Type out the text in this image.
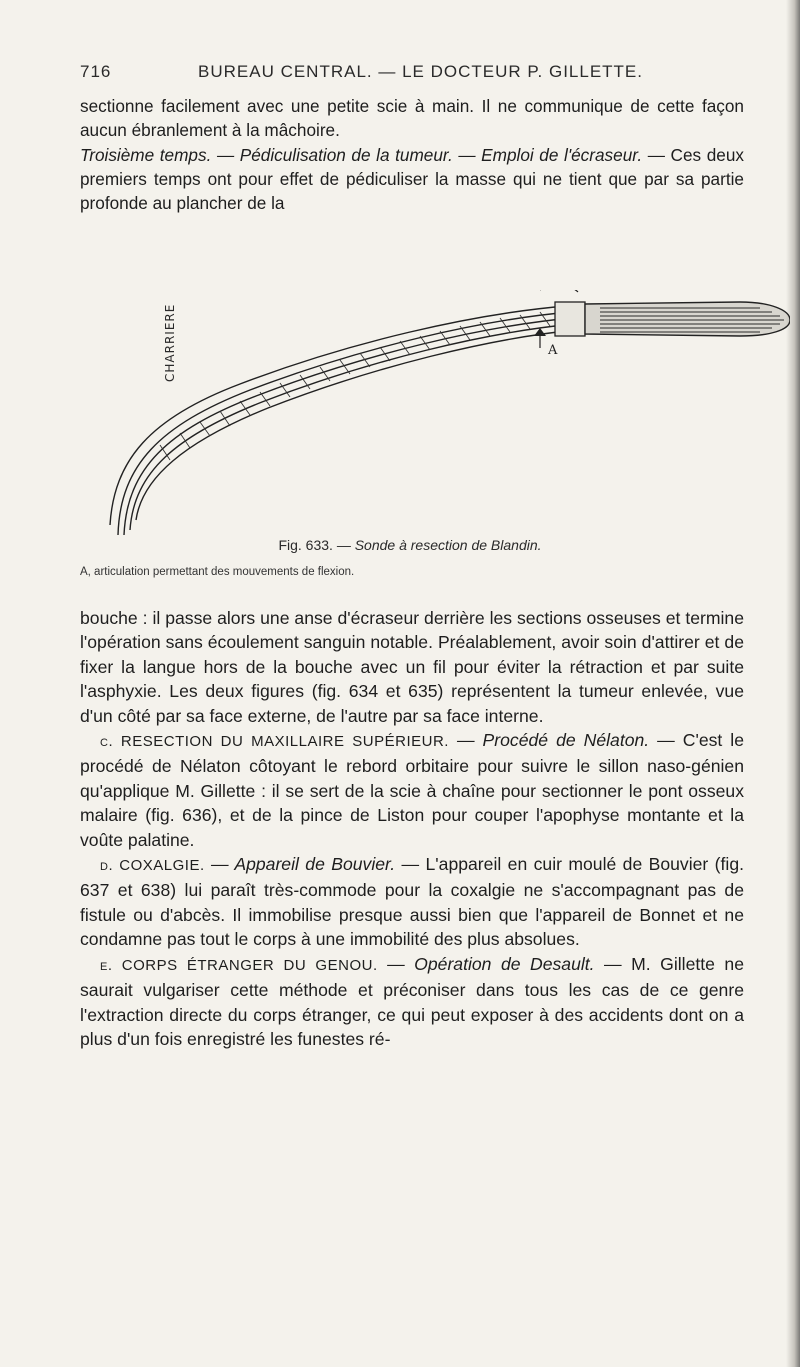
716	BUREAU CENTRAL. — LE DOCTEUR P. GILLETTE.

sectionne facilement avec une petite scie à main. Il ne communique de cette façon aucun ébranlement à la mâchoire.
Troisième temps. — Pédiculisation de la tumeur. — Emploi de l'écraseur. — Ces deux premiers temps ont pour effet de pédiculiser la masse qui ne tient que par sa partie profonde au plancher de la

CHARRIERE	A
Fig. 633. — Sonde à resection de Blandin.
A, articulation permettant des mouvements de flexion.
bouche : il passe alors une anse d'écraseur derrière les sections osseuses et termine l'opération sans écoulement sanguin notable. Préalablement, avoir soin d'attirer et de fixer la langue hors de la bouche avec un fil pour éviter la rétraction et par suite l'asphyxie. Les deux figures (fig. 634 et 635) représentent la tumeur enlevée, vue d'un côté par sa face externe, de l'autre par sa face interne.
c. RESECTION DU MAXILLAIRE SUPÉRIEUR. — Procédé de Nélaton. — C'est le procédé de Nélaton côtoyant le rebord orbitaire pour suivre le sillon naso-génien qu'applique M. Gillette : il se sert de la scie à chaîne pour sectionner le pont osseux malaire (fig. 636), et de la pince de Liston pour couper l'apophyse montante et la voûte palatine.
d. COXALGIE. — Appareil de Bouvier. — L'appareil en cuir moulé de Bouvier (fig. 637 et 638) lui paraît très-commode pour la coxalgie ne s'accompagnant pas de fistule ou d'abcès. Il immobilise presque aussi bien que l'appareil de Bonnet et ne condamne pas tout le corps à une immobilité des plus absolues.
e. CORPS ÉTRANGER DU GENOU. — Opération de Desault. — M. Gillette ne saurait vulgariser cette méthode et préconiser dans tous les cas de ce genre l'extraction directe du corps étranger, ce qui peut exposer à des accidents dont on a plus d'un fois enregistré les funestes ré-
